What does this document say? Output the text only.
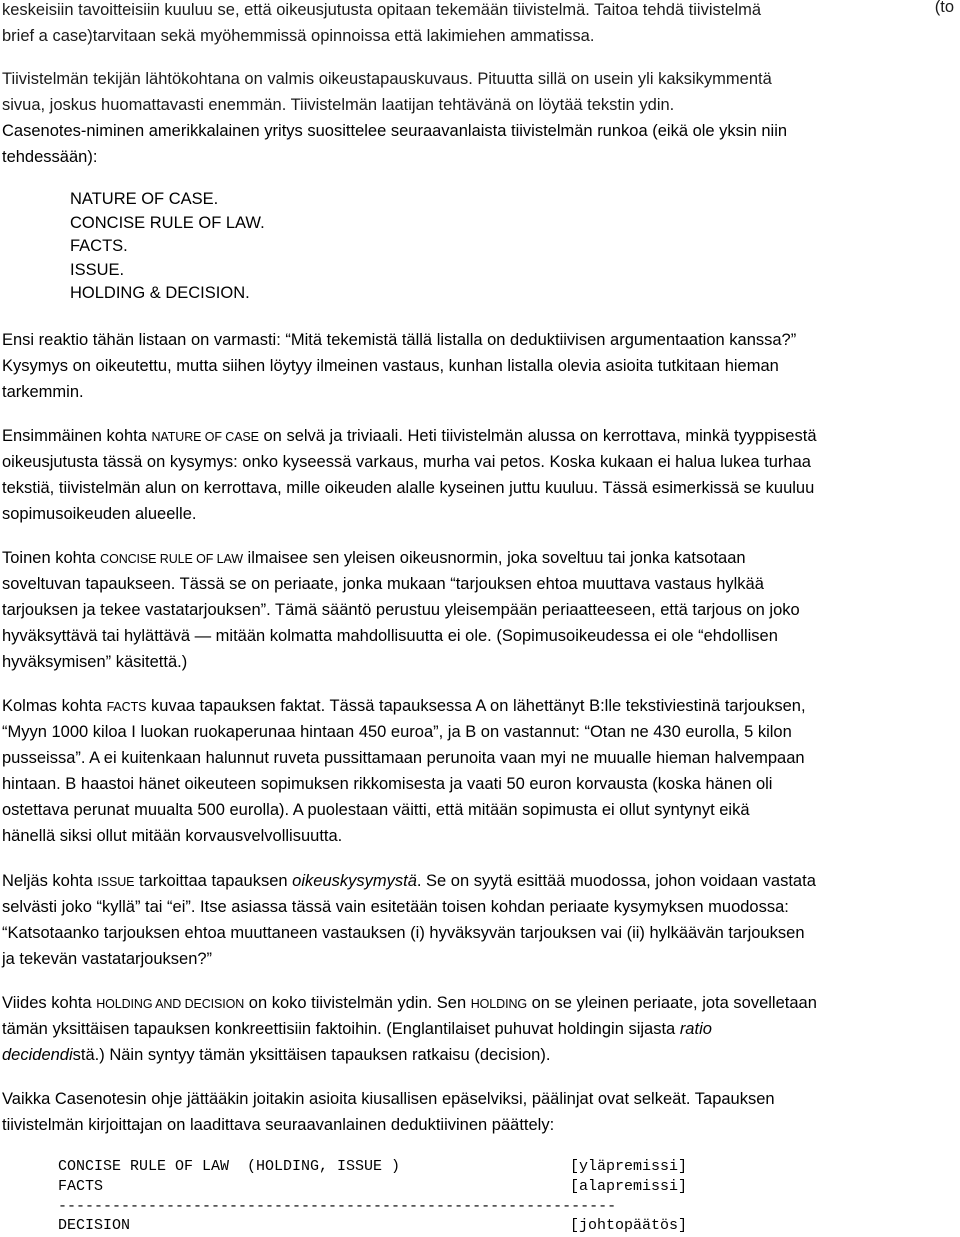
keskeisiin tavoitteisiin kuuluu se, että oikeusjutusta opitaan tekemään tiivistelmä. Taitoa tehdä tiivistelmä	(to
brief a case)tarvitaan sekä myöhemmissä opinnoissa että lakimiehen ammatissa.
Tiivistelmän tekijän lähtökohtana on valmis oikeustapauskuvaus. Pituutta sillä on usein yli kaksikymmentä
sivua, joskus huomattavasti enemmän. Tiivistelmän laatijan tehtävänä on löytää tekstin ydin.
Casenotes-niminen amerikkalainen yritys suosittelee seuraavanlaista tiivistelmän runkoa (eikä ole yksin niin
tehdessään):
NATURE OF CASE.
CONCISE RULE OF LAW.
FACTS.
ISSUE.
HOLDING & DECISION.
Ensi reaktio tähän listaan on varmasti: “Mitä tekemistä tällä listalla on deduktiivisen argumentaation kanssa?”
Kysymys on oikeutettu, mutta siihen löytyy ilmeinen vastaus, kunhan listalla olevia asioita tutkitaan hieman
tarkemmin.
Ensimmäinen kohta NATURE OF CASE on selvä ja triviaali. Heti tiivistelmän alussa on kerrottava, minkä tyyppisestä
oikeusjutusta tässä on kysymys: onko kyseessä varkaus, murha vai petos. Koska kukaan ei halua lukea turhaa
tekstiä, tiivistelmän alun on kerrottava, mille oikeuden alalle kyseinen juttu kuuluu. Tässä esimerkissä se kuuluu
sopimusoikeuden alueelle.
Toinen kohta CONCISE RULE OF LAW ilmaisee sen yleisen oikeusnormin, joka soveltuu tai jonka katsotaan
soveltuvan tapaukseen. Tässä se on periaate, jonka mukaan “tarjouksen ehtoa muuttava vastaus hylkää
tarjouksen ja tekee vastatarjouksen”. Tämä sääntö perustuu yleisempään periaatteeseen, että tarjous on joko
hyväksyttävä tai hylättävä — mitään kolmatta mahdollisuutta ei ole. (Sopimusoikeudessa ei ole “ehdollisen
hyväksymisen” käsitettä.)
Kolmas kohta FACTS kuvaa tapauksen faktat. Tässä tapauksessa A on lähettänyt B:lle tekstiviestinä tarjouksen,
“Myyn 1000 kiloa I luokan ruokaperunaa hintaan 450 euroa”, ja B on vastannut: “Otan ne 430 eurolla, 5 kilon
pusseissa”. A ei kuitenkaan halunnut ruveta pussittamaan perunoita vaan myi ne muualle hieman halvempaan
hintaan. B haastoi hänet oikeuteen sopimuksen rikkomisesta ja vaati 50 euron korvausta (koska hänen oli
ostettava perunat muualta 500 eurolla). A puolestaan väitti, että mitään sopimusta ei ollut syntynyt eikä
hänellä siksi ollut mitään korvausvelvollisuutta.
Neljäs kohta ISSUE tarkoittaa tapauksen oikeuskysymystä. Se on syytä esittää muodossa, johon voidaan vastata
selvästi joko “kyllä” tai “ei”. Itse asiassa tässä vain esitetään toisen kohdan periaate kysymyksen muodossa:
“Katsotaanko tarjouksen ehtoa muuttaneen vastauksen (i) hyväksyvän tarjouksen vai (ii) hylkäävän tarjouksen
ja tekevän vastatarjouksen?”
Viides kohta HOLDING AND DECISION on koko tiivistelmän ydin. Sen HOLDING on se yleinen periaate, jota sovelletaan
tämän yksittäisen tapauksen konkreettisiin faktoihin. (Englantilaiset puhuvat holdingin sijasta ratio
decidendistä.) Näin syntyy tämän yksittäisen tapauksen ratkaisu (decision).
Vaikka Casenotesin ohje jättääkin joitakin asioita kiusallisen epäselviksi, päälinjat ovat selkeät. Tapauksen
tiivistelmän kirjoittajan on laadittava seuraavanlainen deduktiivinen päättely:
CONCISE RULE OF LAW  (HOLDING, ISSUE )	[yläpremissi]
FACTS	[alapremissi]
--------------------------------------------------------------
DECISION	[johtopäätös]
